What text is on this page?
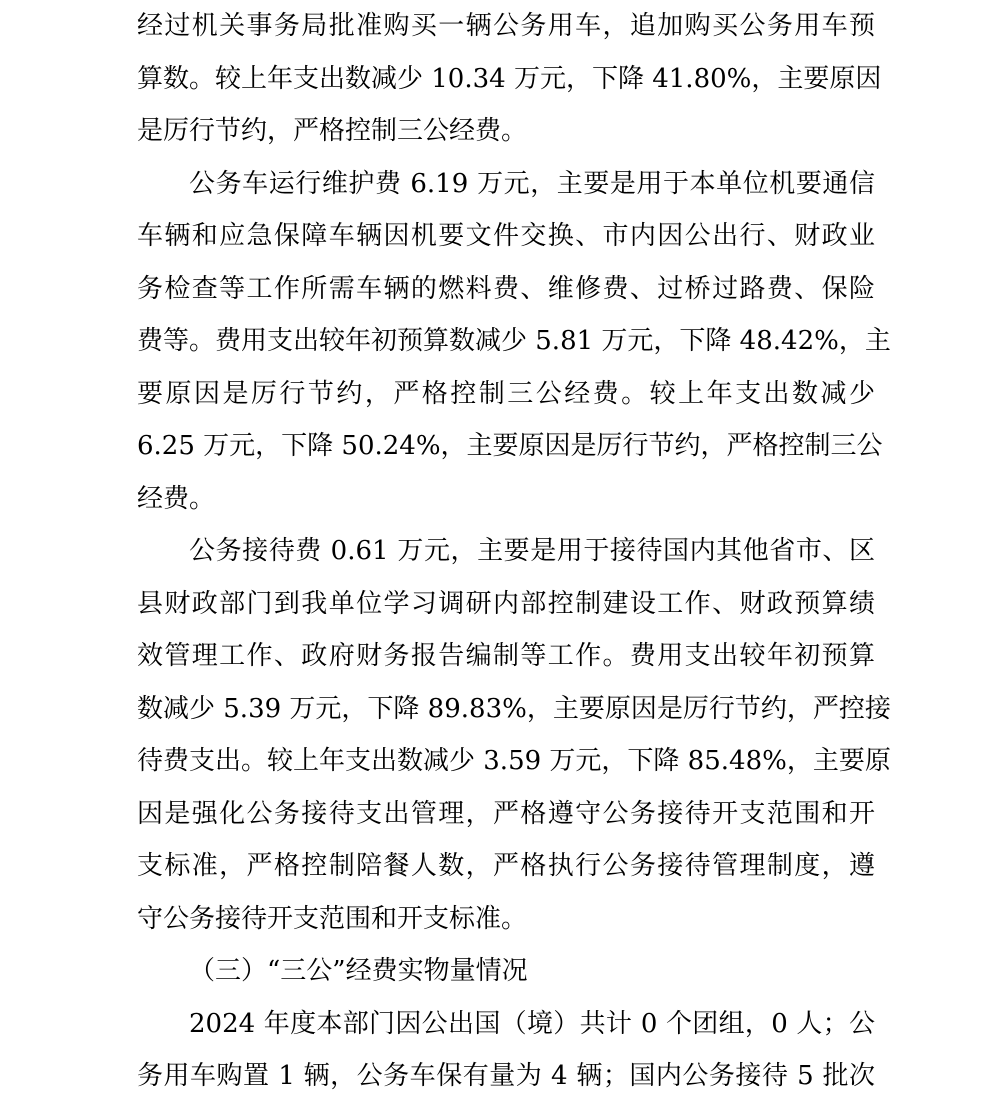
经过机关事务局批准购买一辆公务用车，追加购买公务用车预
算数。较上年支出数减少 10.34 万元，下降 41.80%，主要原因
是厉行节约，严格控制三公经费。
公务车运行维护费 6.19 万元，主要是用于本单位机要通信
车辆和应急保障车辆因机要文件交换、市内因公出行、财政业
务检查等工作所需车辆的燃料费、维修费、过桥过路费、保险
费等。费用支出较年初预算数减少 5.81 万元，下降 48.42%，主
要原因是厉行节约，严格控制三公经费。较上年支出数减少
6.25 万元，下降 50.24%，主要原因是厉行节约，严格控制三公
经费。
公务接待费 0.61 万元，主要是用于接待国内其他省市、区
县财政部门到我单位学习调研内部控制建设工作、财政预算绩
效管理工作、政府财务报告编制等工作。费用支出较年初预算
数减少 5.39 万元，下降 89.83%，主要原因是厉行节约，严控接
待费支出。较上年支出数减少 3.59 万元，下降 85.48%，主要原
因是强化公务接待支出管理，严格遵守公务接待开支范围和开
支标准，严格控制陪餐人数，严格执行公务接待管理制度，遵
守公务接待开支范围和开支标准。
（三）“三公”经费实物量情况
2024 年度本部门因公出国（境）共计 0 个团组，0 人；公
务用车购置 1 辆，公务车保有量为 4 辆；国内公务接待 5 批次
